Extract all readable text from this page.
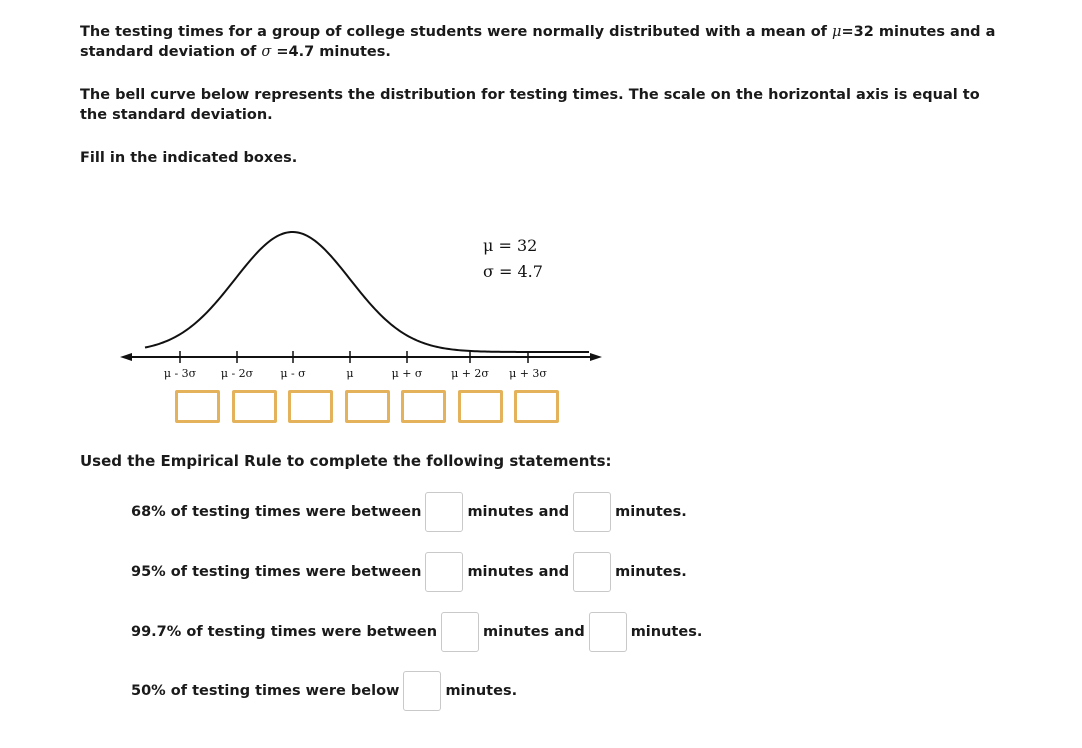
The testing times for a group of college students were normally distributed with a mean of μ=32 minutes and a standard deviation of σ =4.7 minutes.
The bell curve below represents the distribution for testing times. The scale on the horizontal axis is equal to the standard deviation.
Fill in the indicated boxes.
μ - 3σ μ - 2σ μ - σ	μ	μ + σ	μ + 2σ μ + 3σ
μ = 32
σ = 4.7
Used the Empirical Rule to complete the following statements:
68% of testing times were between	minutes and	minutes.
95% of testing times were between	minutes and	minutes.
99.7% of testing times were between	minutes and	minutes.
50% of testing times were below	minutes.
